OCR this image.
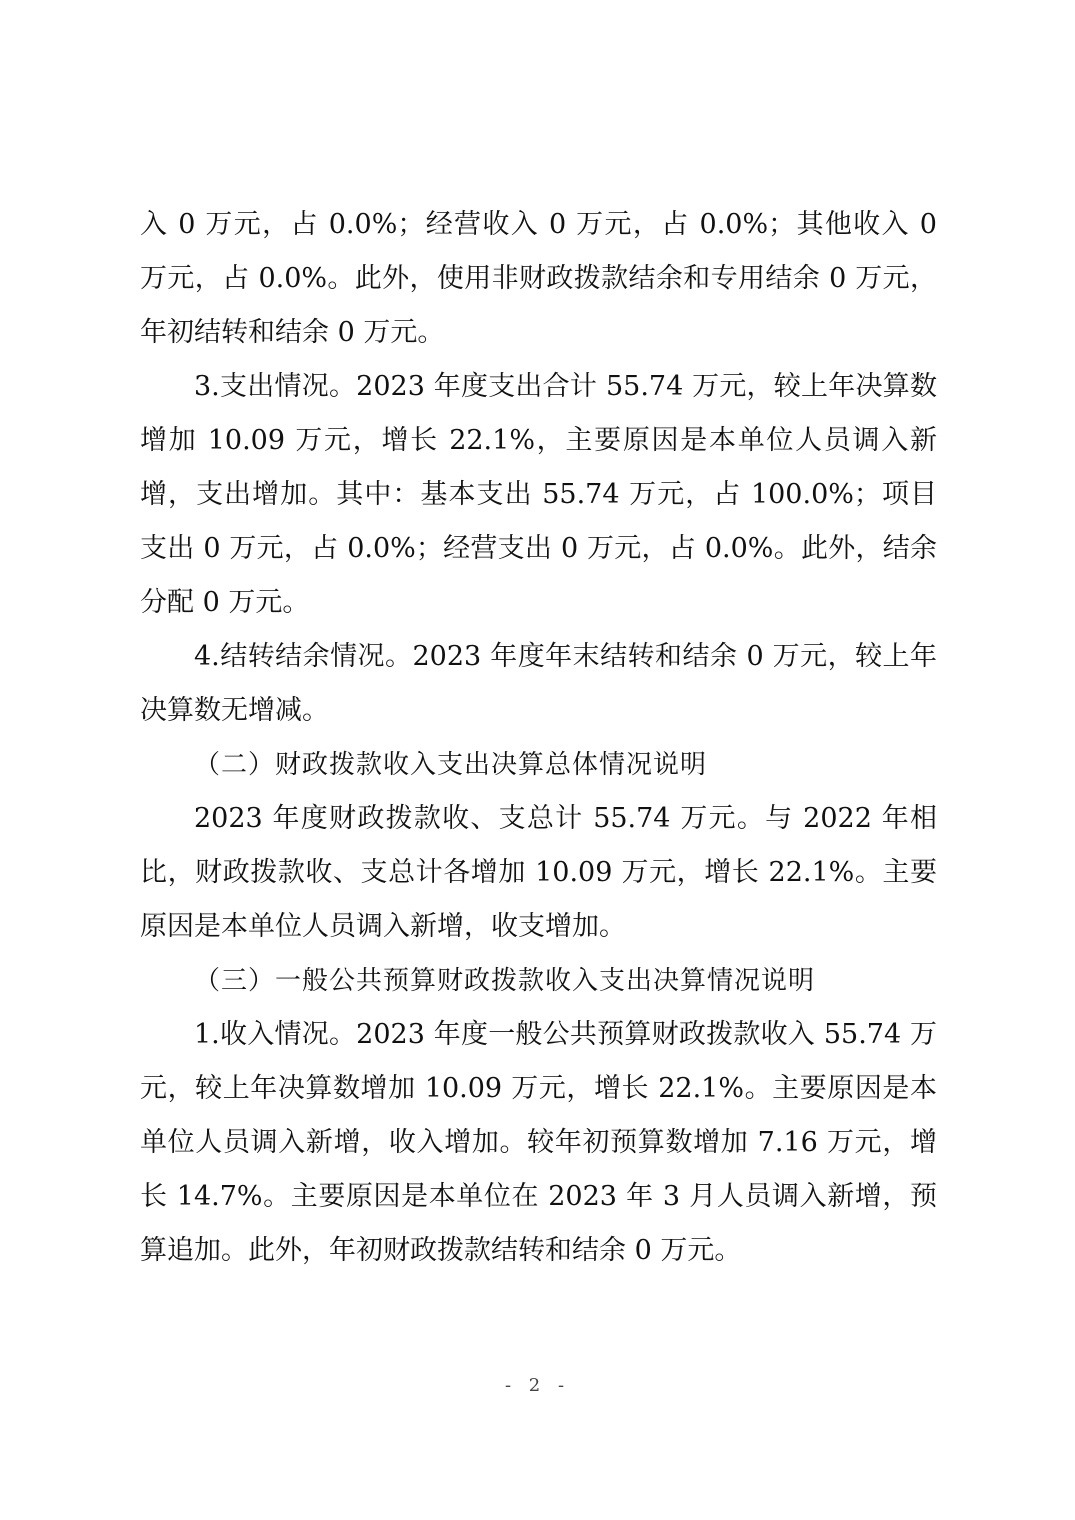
入 0 万元，占 0.0%；经营收入 0 万元，占 0.0%；其他收入 0 万元，占 0.0%。此外，使用非财政拨款结余和专用结余 0 万元，年初结转和结余 0 万元。

3.支出情况。2023 年度支出合计 55.74 万元，较上年决算数增加 10.09 万元，增长 22.1%，主要原因是本单位人员调入新增，支出增加。其中：基本支出 55.74 万元，占 100.0%；项目支出 0 万元，占 0.0%；经营支出 0 万元，占 0.0%。此外，结余分配 0 万元。

4.结转结余情况。2023 年度年末结转和结余 0 万元，较上年决算数无增减。

（二）财政拨款收入支出决算总体情况说明

2023 年度财政拨款收、支总计 55.74 万元。与 2022 年相比，财政拨款收、支总计各增加 10.09 万元，增长 22.1%。主要原因是本单位人员调入新增，收支增加。

（三）一般公共预算财政拨款收入支出决算情况说明

1.收入情况。2023 年度一般公共预算财政拨款收入 55.74 万元，较上年决算数增加 10.09 万元，增长 22.1%。主要原因是本单位人员调入新增，收入增加。较年初预算数增加 7.16 万元，增长 14.7%。主要原因是本单位在 2023 年 3 月人员调入新增，预算追加。此外，年初财政拨款结转和结余 0 万元。

- 2 -
